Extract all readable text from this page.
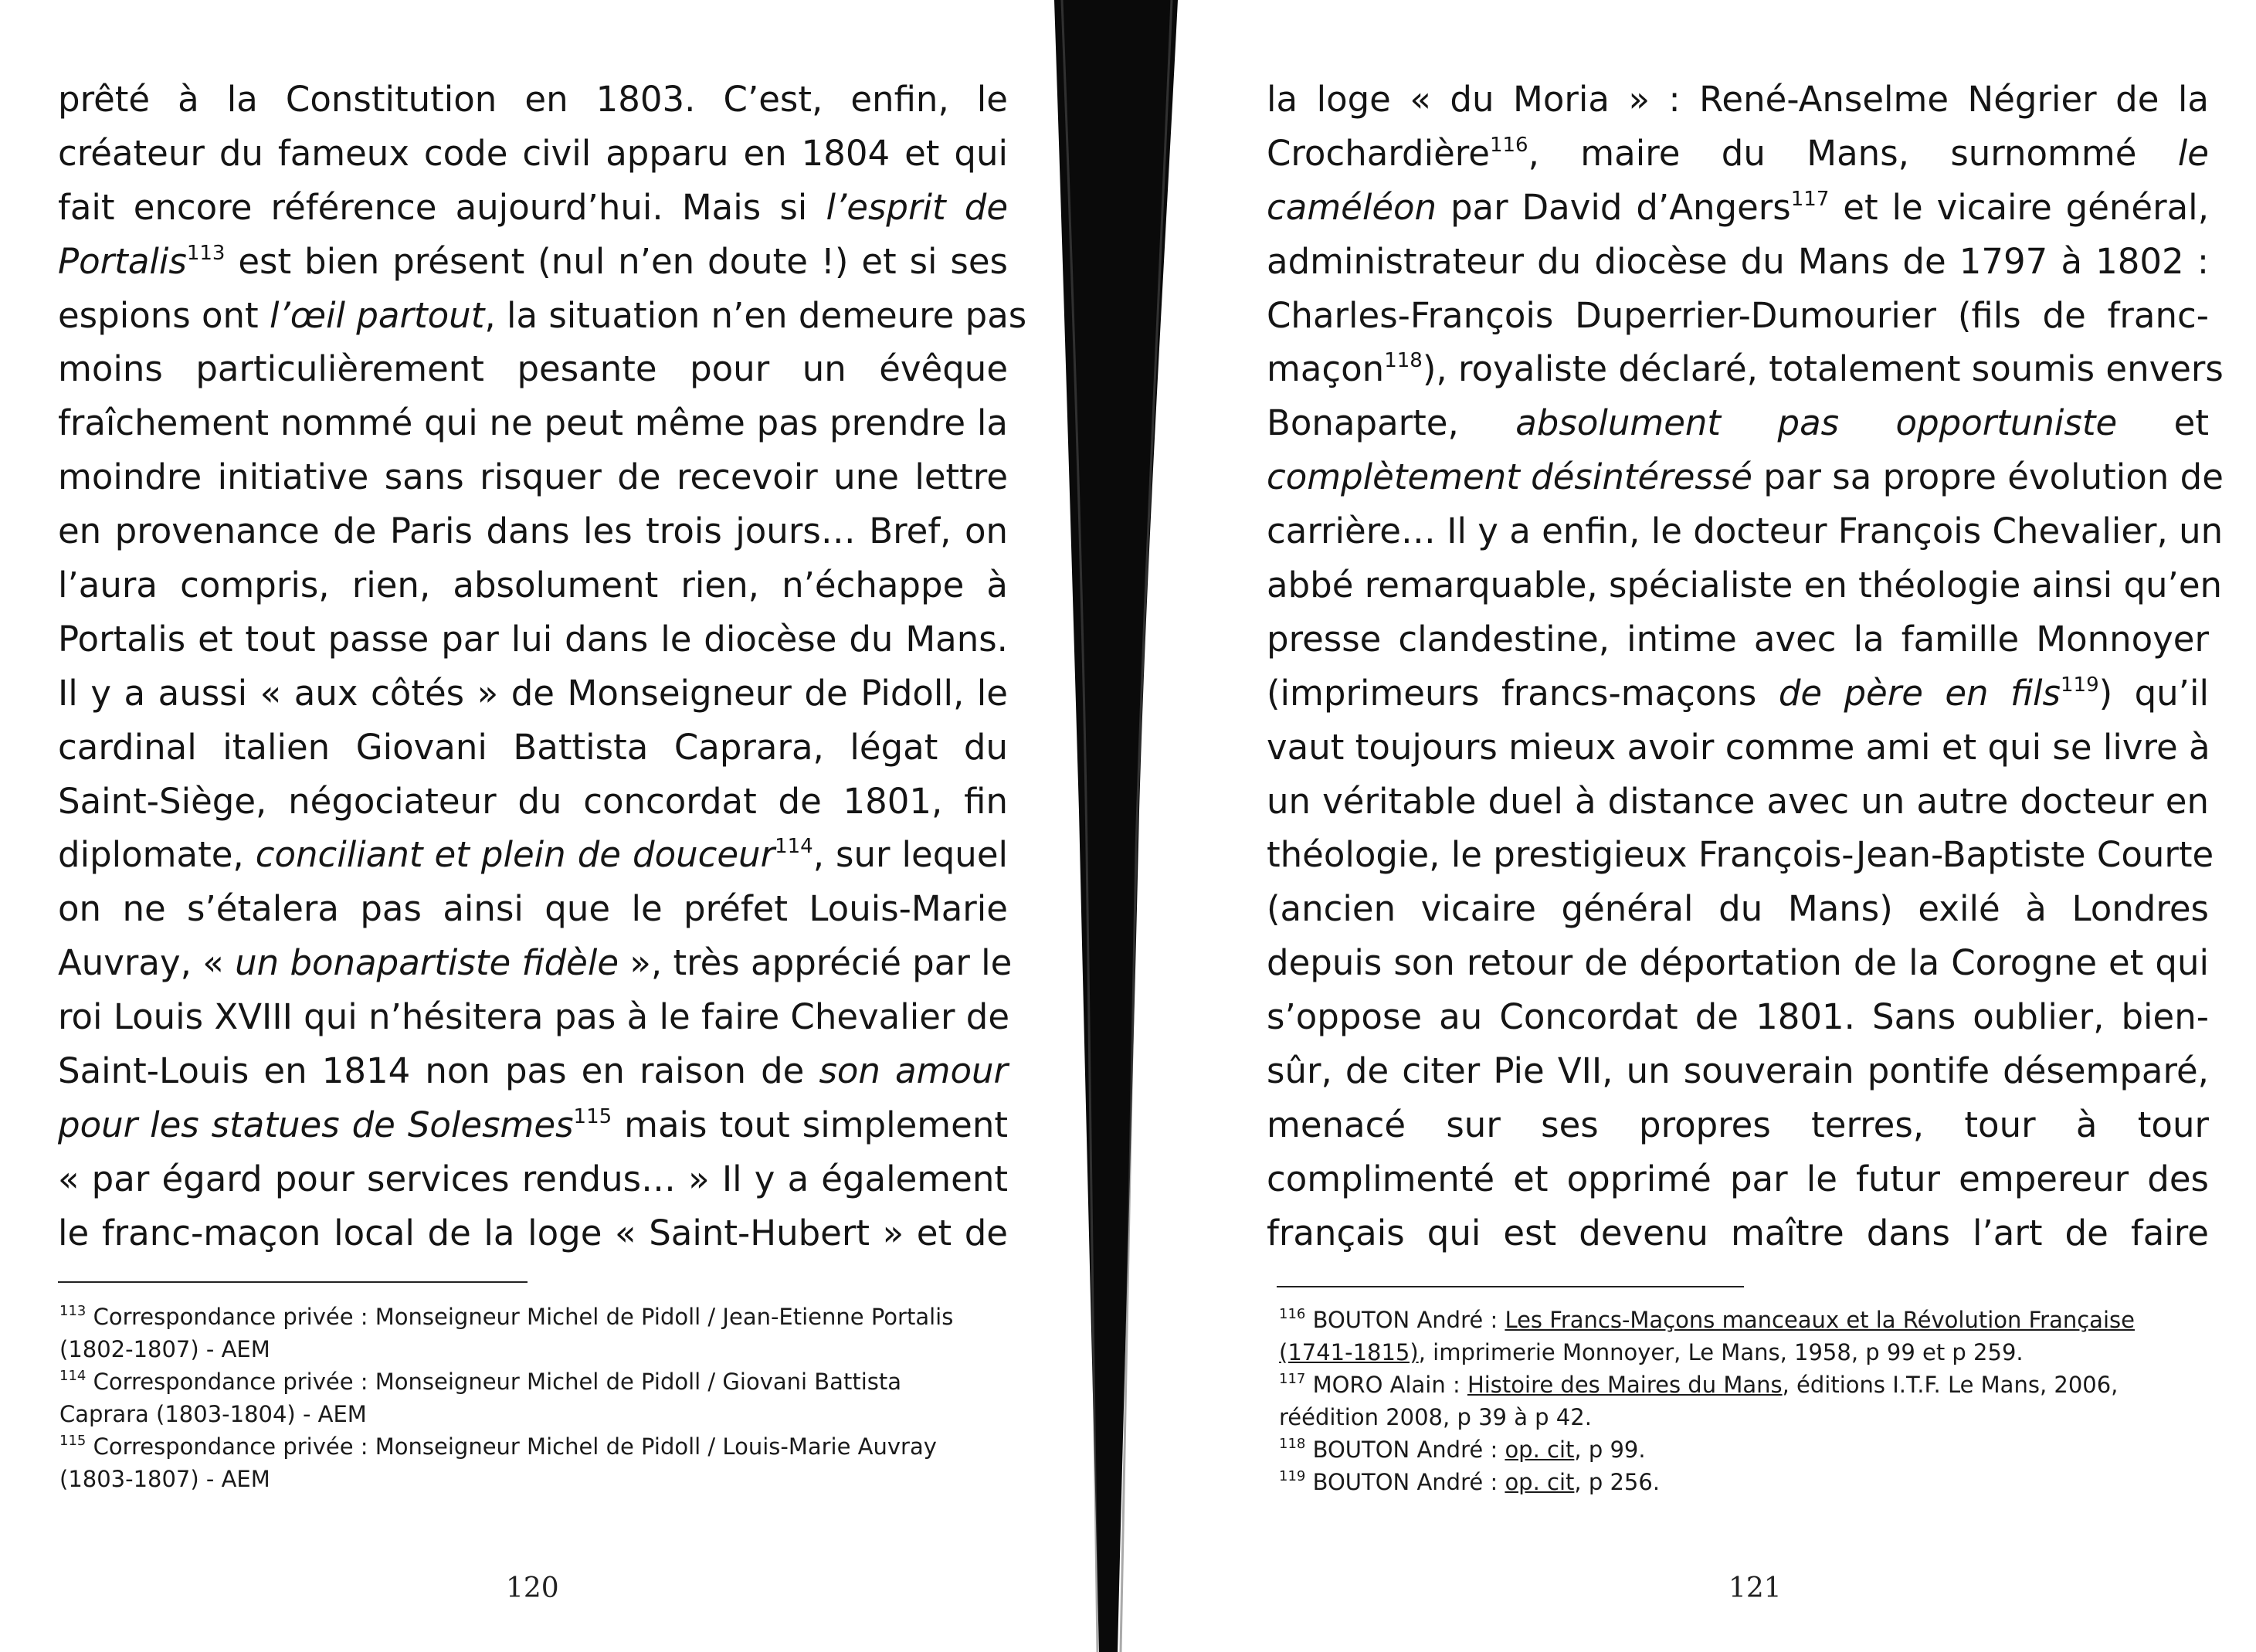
prêté à la Constitution en 1803. C’est, enfin, le
créateur du fameux code civil apparu en 1804 et qui
fait encore référence aujourd’hui. Mais si l’esprit de
Portalis$^{113}$ est bien présent (nul n’en doute !) et si ses
espions ont l’œil partout, la situation n’en demeure pas
moins particulièrement pesante pour un évêque
fraîchement nommé qui ne peut même pas prendre la
moindre initiative sans risquer de recevoir une lettre
en provenance de Paris dans les trois jours… Bref, on
l’aura compris, rien, absolument rien, n’échappe à
Portalis et tout passe par lui dans le diocèse du Mans.
Il y a aussi « aux côtés » de Monseigneur de Pidoll, le
cardinal italien Giovani Battista Caprara, légat du
Saint-Siège, négociateur du concordat de 1801, fin
diplomate, conciliant et plein de douceur$^{114}$, sur lequel
on ne s’étalera pas ainsi que le préfet Louis-Marie
Auvray, « un bonapartiste fidèle », très apprécié par le
roi Louis XVIII qui n’hésitera pas à le faire Chevalier de
Saint-Louis en 1814 non pas en raison de son amour
pour les statues de Solesmes$^{115}$ mais tout simplement
« par égard pour services rendus… » Il y a également
le franc-maçon local de la loge « Saint-Hubert » et de
$^{113}$ Correspondance privée : Monseigneur Michel de Pidoll / Jean-Etienne Portalis
(1802-1807) - AEM
$^{114}$ Correspondance privée : Monseigneur Michel de Pidoll / Giovani Battista
Caprara (1803-1804) - AEM
$^{115}$ Correspondance privée : Monseigneur Michel de Pidoll / Louis-Marie Auvray
(1803-1807) - AEM
120
la loge « du Moria » : René-Anselme Négrier de la
Crochardière$^{116}$, maire du Mans, surnommé le
caméléon par David d’Angers$^{117}$ et le vicaire général,
administrateur du diocèse du Mans de 1797 à 1802 :
Charles-François Duperrier-Dumourier (fils de franc-
maçon$^{118}$), royaliste déclaré, totalement soumis envers
Bonaparte, absolument pas opportuniste et
complètement désintéressé par sa propre évolution de
carrière… Il y a enfin, le docteur François Chevalier, un
abbé remarquable, spécialiste en théologie ainsi qu’en
presse clandestine, intime avec la famille Monnoyer
(imprimeurs francs-maçons de père en fils$^{119}$) qu’il
vaut toujours mieux avoir comme ami et qui se livre à
un véritable duel à distance avec un autre docteur en
théologie, le prestigieux François-Jean-Baptiste Courte
(ancien vicaire général du Mans) exilé à Londres
depuis son retour de déportation de la Corogne et qui
s’oppose au Concordat de 1801. Sans oublier, bien-
sûr, de citer Pie VII, un souverain pontife désemparé,
menacé sur ses propres terres, tour à tour
complimenté et opprimé par le futur empereur des
français qui est devenu maître dans l’art de faire
$^{116}$ BOUTON André : Les Francs-Maçons manceaux et la Révolution Française
(1741-1815), imprimerie Monnoyer, Le Mans, 1958, p 99 et p 259.
$^{117}$ MORO Alain : Histoire des Maires du Mans, éditions I.T.F. Le Mans, 2006,
réédition 2008, p 39 à p 42.
$^{118}$ BOUTON André : op. cit, p 99.
$^{119}$ BOUTON André : op. cit, p 256.
121
